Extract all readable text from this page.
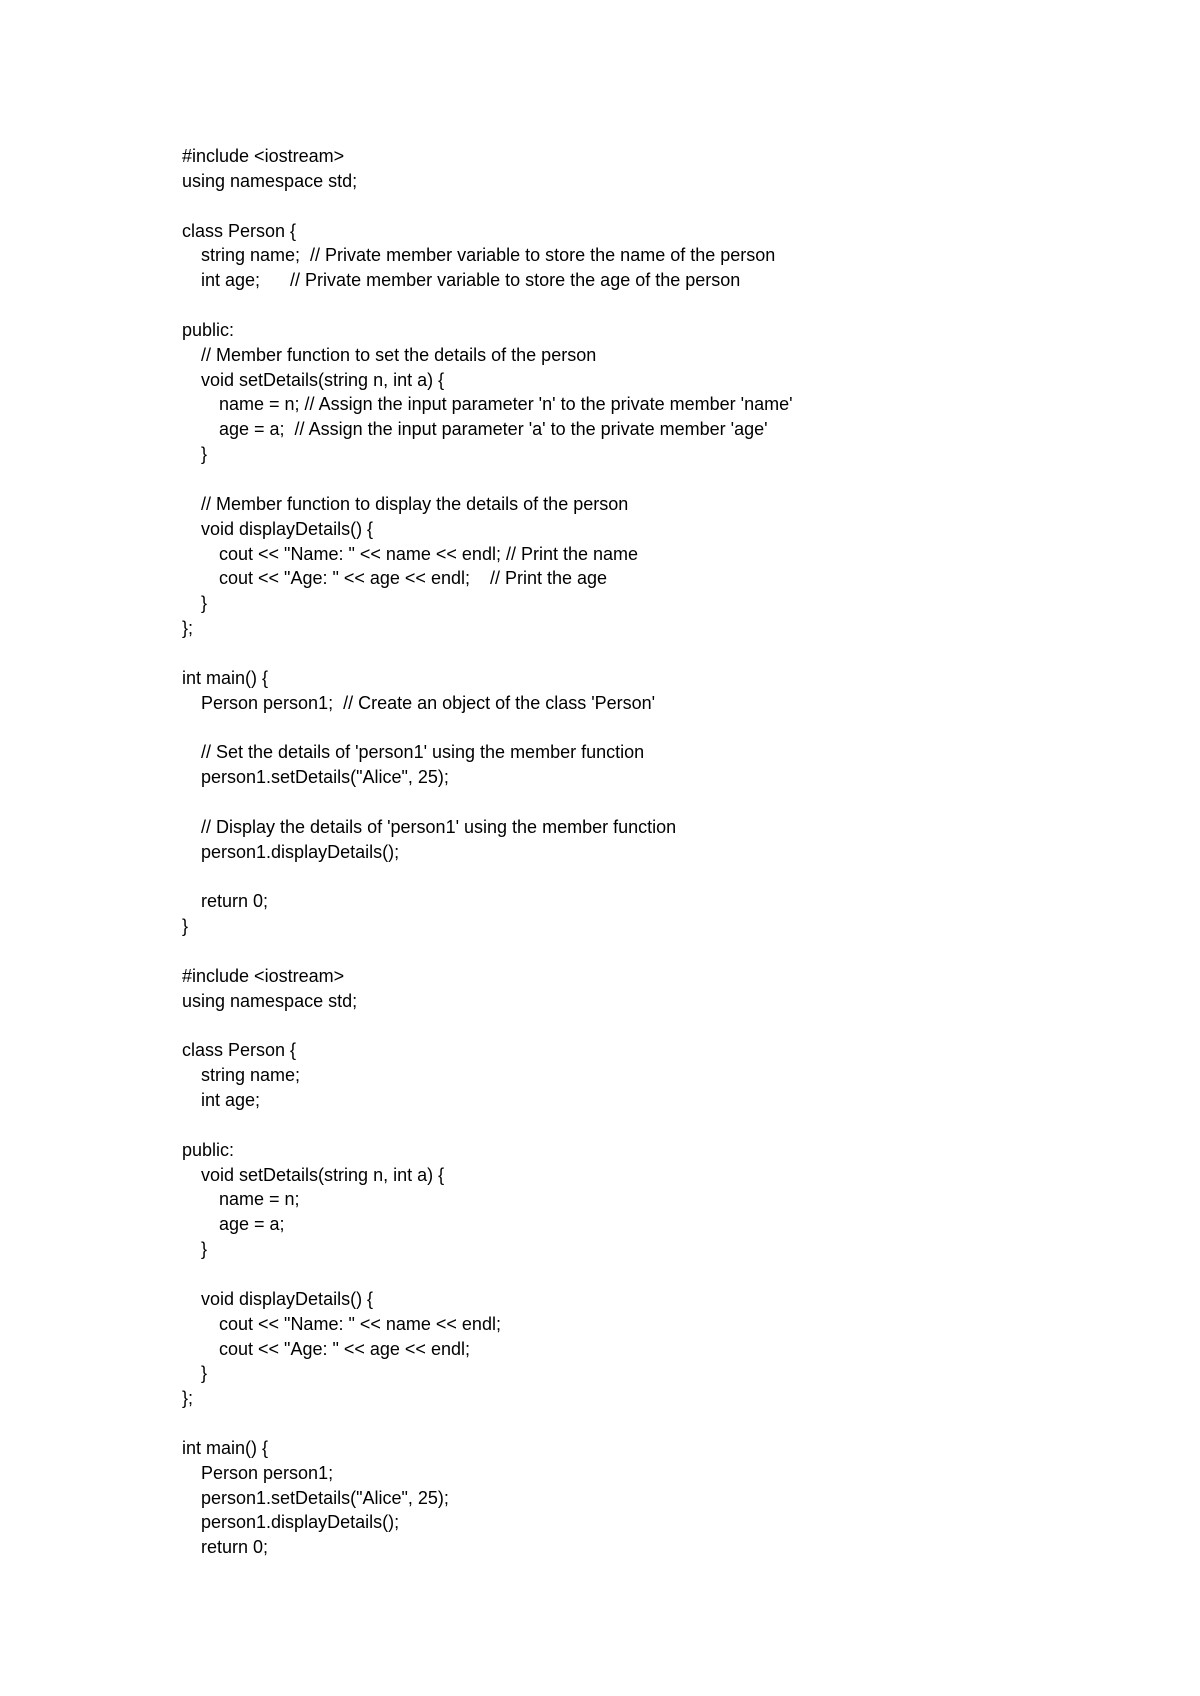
#include <iostream>
using namespace std;
class Person {
string name;  // Private member variable to store the name of the person
int age;      // Private member variable to store the age of the person
public:
// Member function to set the details of the person
void setDetails(string n, int a) {
name = n; // Assign the input parameter 'n' to the private member 'name'
age = a;  // Assign the input parameter 'a' to the private member 'age'
}
// Member function to display the details of the person
void displayDetails() {
cout << "Name: " << name << endl; // Print the name
cout << "Age: " << age << endl;    // Print the age
}
};
int main() {
Person person1;  // Create an object of the class 'Person'
// Set the details of 'person1' using the member function
person1.setDetails("Alice", 25);
// Display the details of 'person1' using the member function
person1.displayDetails();
return 0;
}
#include <iostream>
using namespace std;
class Person {
string name;
int age;
public:
void setDetails(string n, int a) {
name = n;
age = a;
}
void displayDetails() {
cout << "Name: " << name << endl;
cout << "Age: " << age << endl;
}
};
int main() {
Person person1;
person1.setDetails("Alice", 25);
person1.displayDetails();
return 0;
